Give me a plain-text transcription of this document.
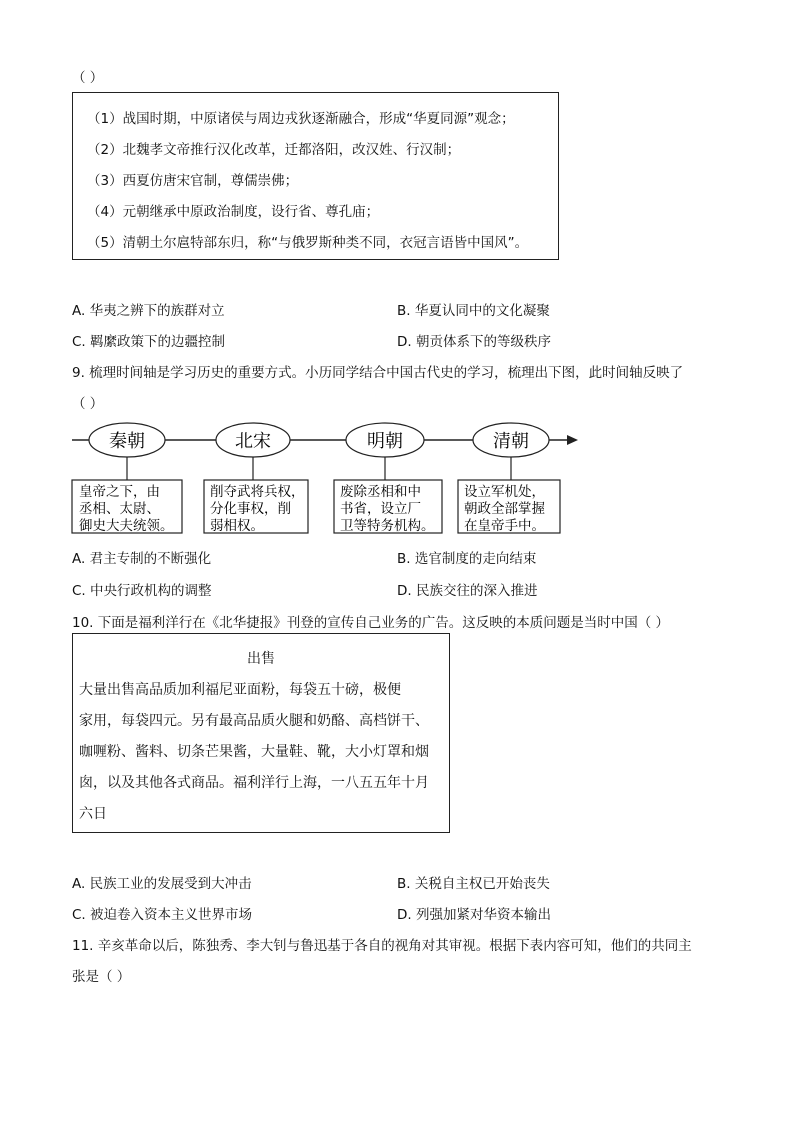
（ ）
（1）战国时期，中原诸侯与周边戎狄逐渐融合，形成“华夏同源”观念；
（2）北魏孝文帝推行汉化改革，迁都洛阳，改汉姓、行汉制；
（3）西夏仿唐宋官制，尊儒崇佛；
（4）元朝继承中原政治制度，设行省、尊孔庙；
（5）清朝土尔扈特部东归，称“与俄罗斯种类不同，衣冠言语皆中国风”。
A. 华夷之辨下的族群对立	B. 华夏认同中的文化凝聚
C. 羁縻政策下的边疆控制	D. 朝贡体系下的等级秩序
9. 梳理时间轴是学习历史的重要方式。小历同学结合中国古代史的学习，梳理出下图，此时间轴反映了
（ ）
秦朝
皇帝之下，由
丞相、太尉、
御史大夫统领。
北宋
削夺武将兵权，
分化事权，削
弱相权。
明朝
废除丞相和中
书省，设立厂
卫等特务机构。
清朝
设立军机处，
朝政全部掌握
在皇帝手中。
A. 君主专制的不断强化	B. 选官制度的走向结束
C. 中央行政机构的调整	D. 民族交往的深入推进
10. 下面是福利洋行在《北华捷报》刊登的宣传自己业务的广告。这反映的本质问题是当时中国（ ）
出售
大量出售高品质加利福尼亚面粉，每袋五十磅，极便
家用，每袋四元。另有最高品质火腿和奶酪、高档饼干、
咖喱粉、酱料、切条芒果酱，大量鞋、靴，大小灯罩和烟
囱，以及其他各式商品。福利洋行上海，一八五五年十月
六日
A. 民族工业的发展受到大冲击	B. 关税自主权已开始丧失
C. 被迫卷入资本主义世界市场	D. 列强加紧对华资本输出
11. 辛亥革命以后，陈独秀、李大钊与鲁迅基于各自的视角对其审视。根据下表内容可知，他们的共同主
张是（ ）
